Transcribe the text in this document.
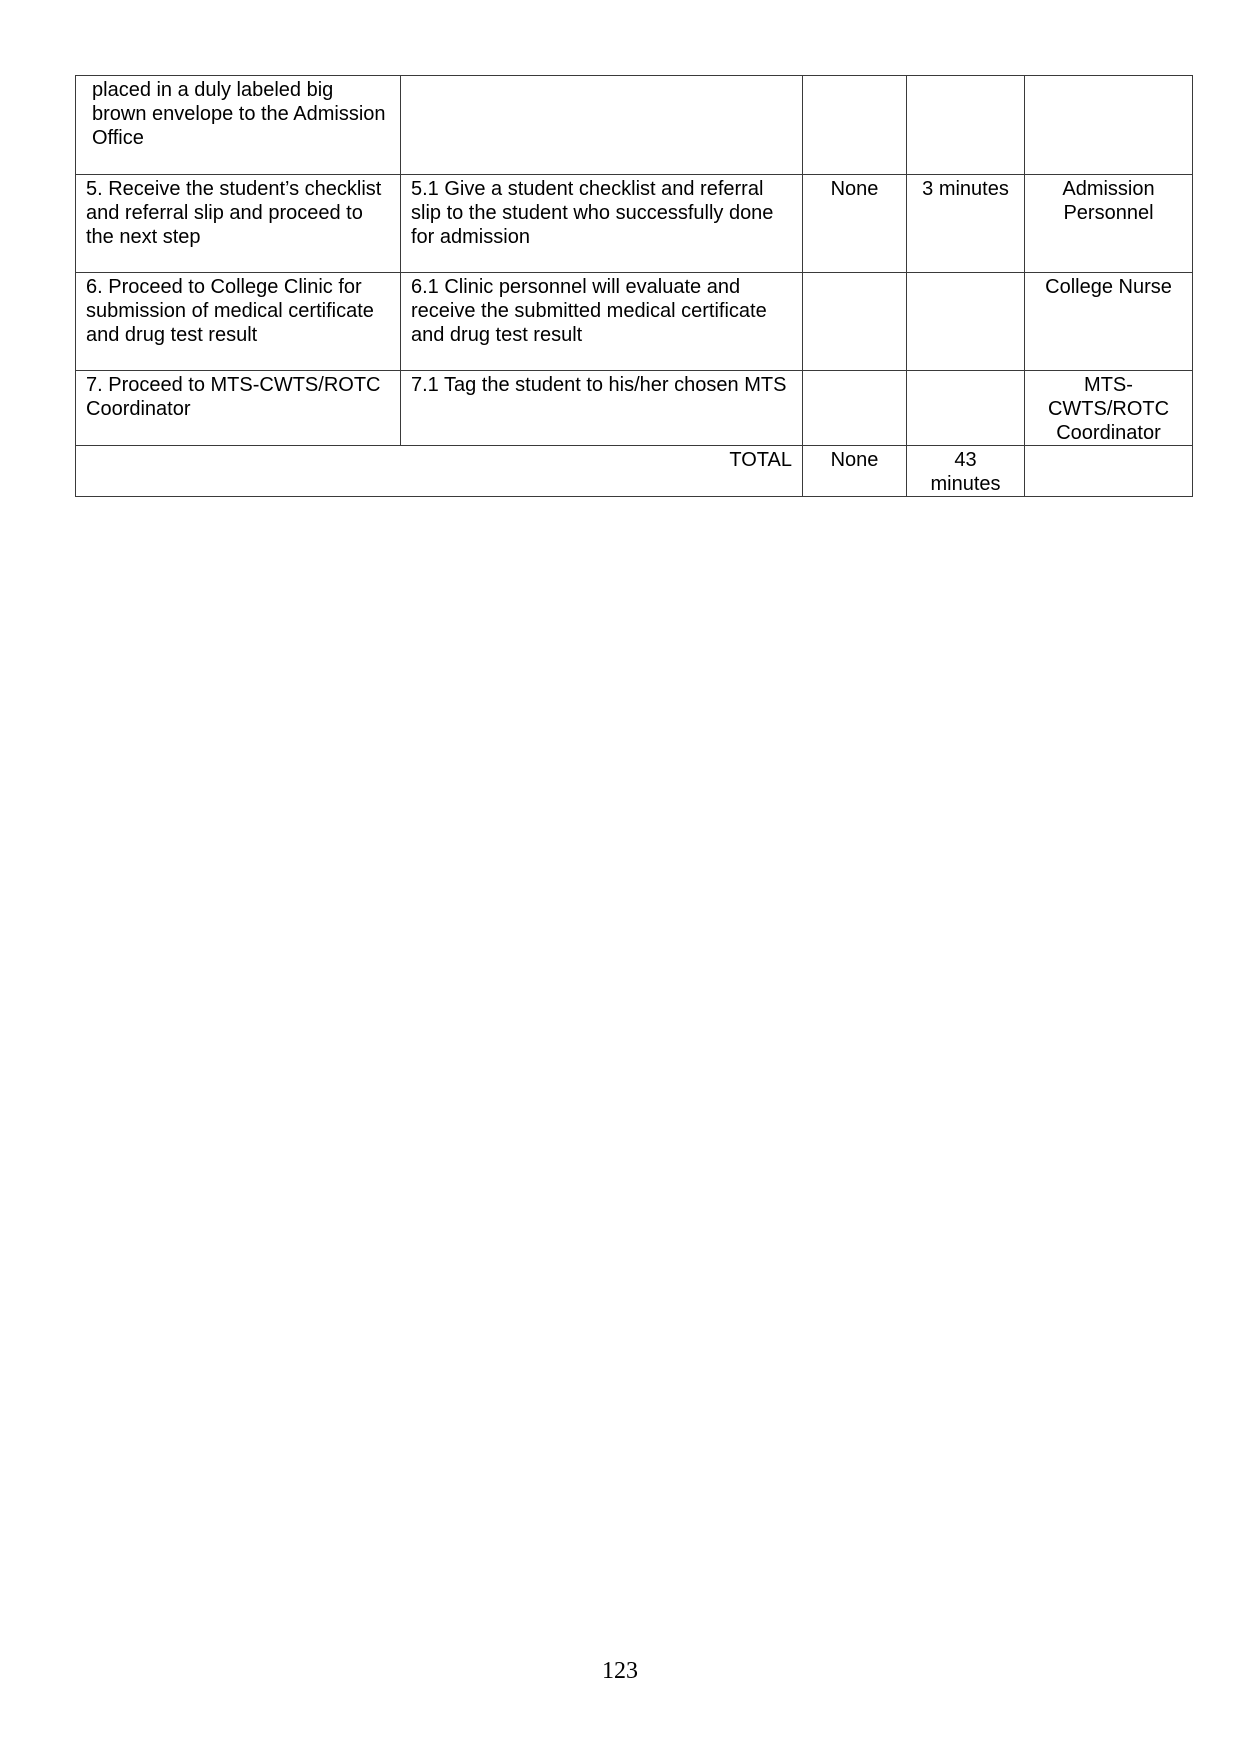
placed in a duly labeled big brown envelope to the Admission Office				
5. Receive the student’s checklist and referral slip and proceed to the next step	5.1 Give a student checklist and referral slip to the student who successfully done for admission	None	3 minutes	Admission Personnel
6. Proceed to College Clinic for submission of medical certificate and drug test result	6.1 Clinic personnel will evaluate and receive the submitted medical certificate and drug test result			College Nurse
7. Proceed to MTS-CWTS/ROTC Coordinator	7.1 Tag the student to his/her chosen MTS			MTS-CWTS/ROTC Coordinator
TOTAL		None	43 minutes	
123
